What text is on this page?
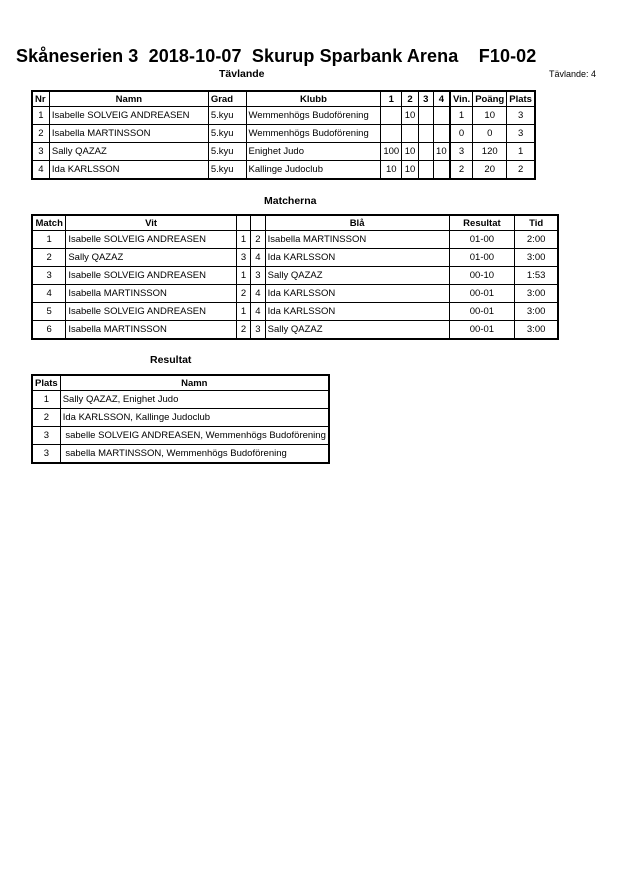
Skåneserien 3  2018-10-07  Skurup Sparbank Arena    F10-02
Tävlande	Tävlande: 4
Nr	Namn	Grad	Klubb	1	2	3	4	Vin.	Poäng	Plats
1	Isabelle SOLVEIG ANDREASEN	5.kyu	Wemmenhögs Budoförening		10			1	10	3
2	Isabella MARTINSSON	5.kyu	Wemmenhögs Budoförening					0	0	3
3	Sally QAZAZ	5.kyu	Enighet Judo	100	10		10	3	120	1
4	Ida KARLSSON	5.kyu	Kallinge Judoclub	10	10			2	20	2
Matcherna
Match	Vit			Blå	Resultat	Tid
1	Isabelle SOLVEIG ANDREASEN	1	2	Isabella MARTINSSON	01-00	2:00
2	Sally QAZAZ	3	4	Ida KARLSSON	01-00	3:00
3	Isabelle SOLVEIG ANDREASEN	1	3	Sally QAZAZ	00-10	1:53
4	Isabella MARTINSSON	2	4	Ida KARLSSON	00-01	3:00
5	Isabelle SOLVEIG ANDREASEN	1	4	Ida KARLSSON	00-01	3:00
6	Isabella MARTINSSON	2	3	Sally QAZAZ	00-01	3:00
Resultat
Plats	Namn
1	Sally QAZAZ, Enighet Judo
2	Ida KARLSSON, Kallinge Judoclub
3	sabelle SOLVEIG ANDREASEN, Wemmenhögs Budoförening
3	sabella MARTINSSON, Wemmenhögs Budoförening
